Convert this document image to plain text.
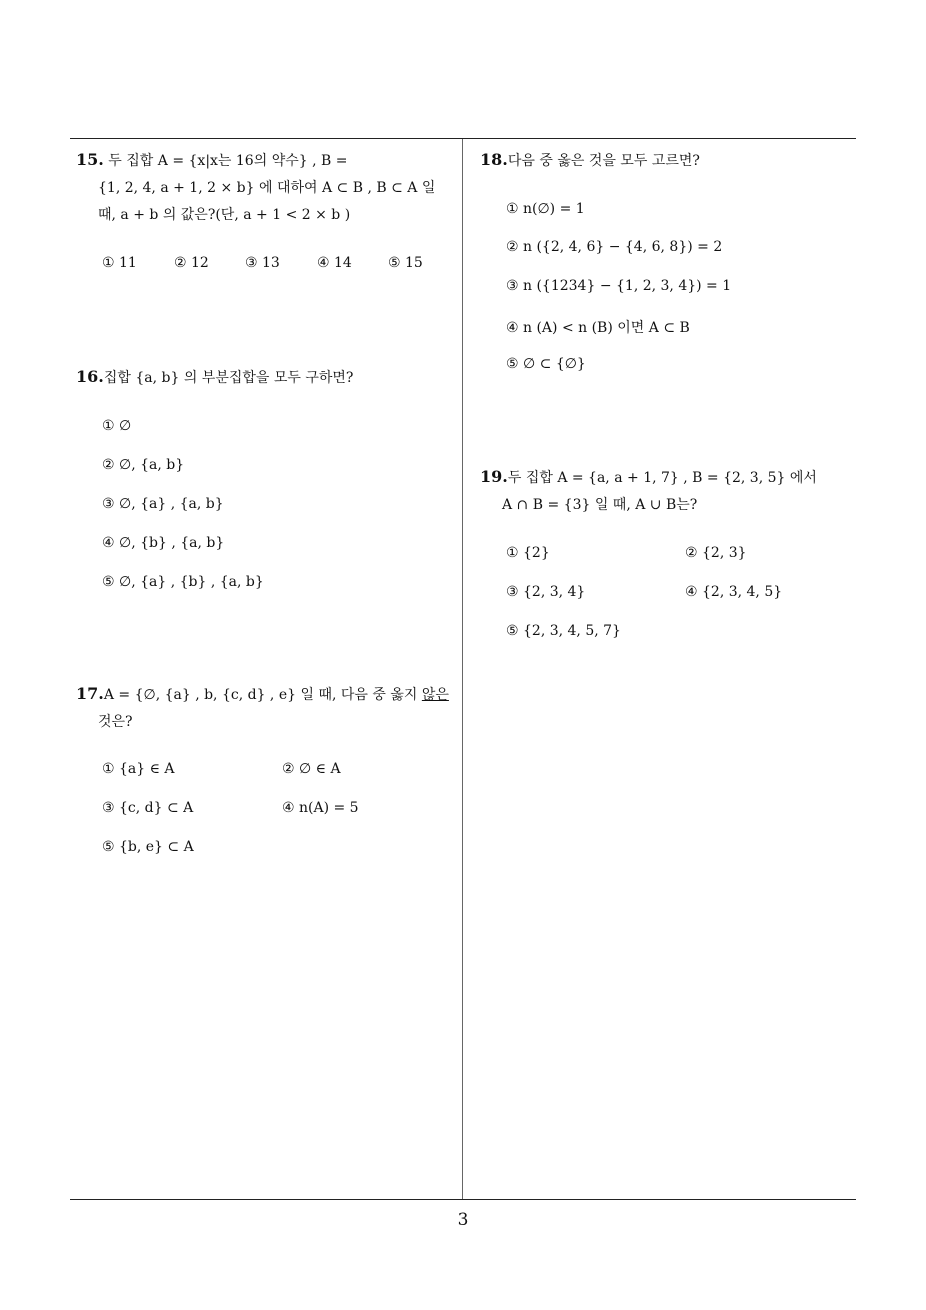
15. 두 집합 A = {x|x는 16의 약수} , B =
{1, 2, 4, a + 1, 2 × b} 에 대하여 A ⊂ B , B ⊂ A 일
때, a + b 의 값은?(단, a + 1 < 2 × b )
① 11	② 12	③ 13	④ 14	⑤ 15
16.집합 {a, b} 의 부분집합을 모두 구하면?
① ∅
② ∅, {a, b}
③ ∅, {a} , {a, b}
④ ∅, {b} , {a, b}
⑤ ∅, {a} , {b} , {a, b}
17.A = {∅, {a} , b, {c, d} , e} 일 때, 다음 중 옳지 않은
것은?
① {a} ∈ A	② ∅ ∈ A
③ {c, d} ⊂ A	④ n(A) = 5
⑤ {b, e} ⊂ A
18.다음 중 옳은 것을 모두 고르면?
① n(∅) = 1
② n ({2, 4, 6} − {4, 6, 8}) = 2
③ n ({1234} − {1, 2, 3, 4}) = 1
④ n (A) < n (B) 이면 A ⊂ B
⑤ ∅ ⊂ {∅}
19.두 집합 A = {a, a + 1, 7} , B = {2, 3, 5} 에서
A ∩ B = {3} 일 때, A ∪ B는?
① {2}	② {2, 3}
③ {2, 3, 4}	④ {2, 3, 4, 5}
⑤ {2, 3, 4, 5, 7}
3
